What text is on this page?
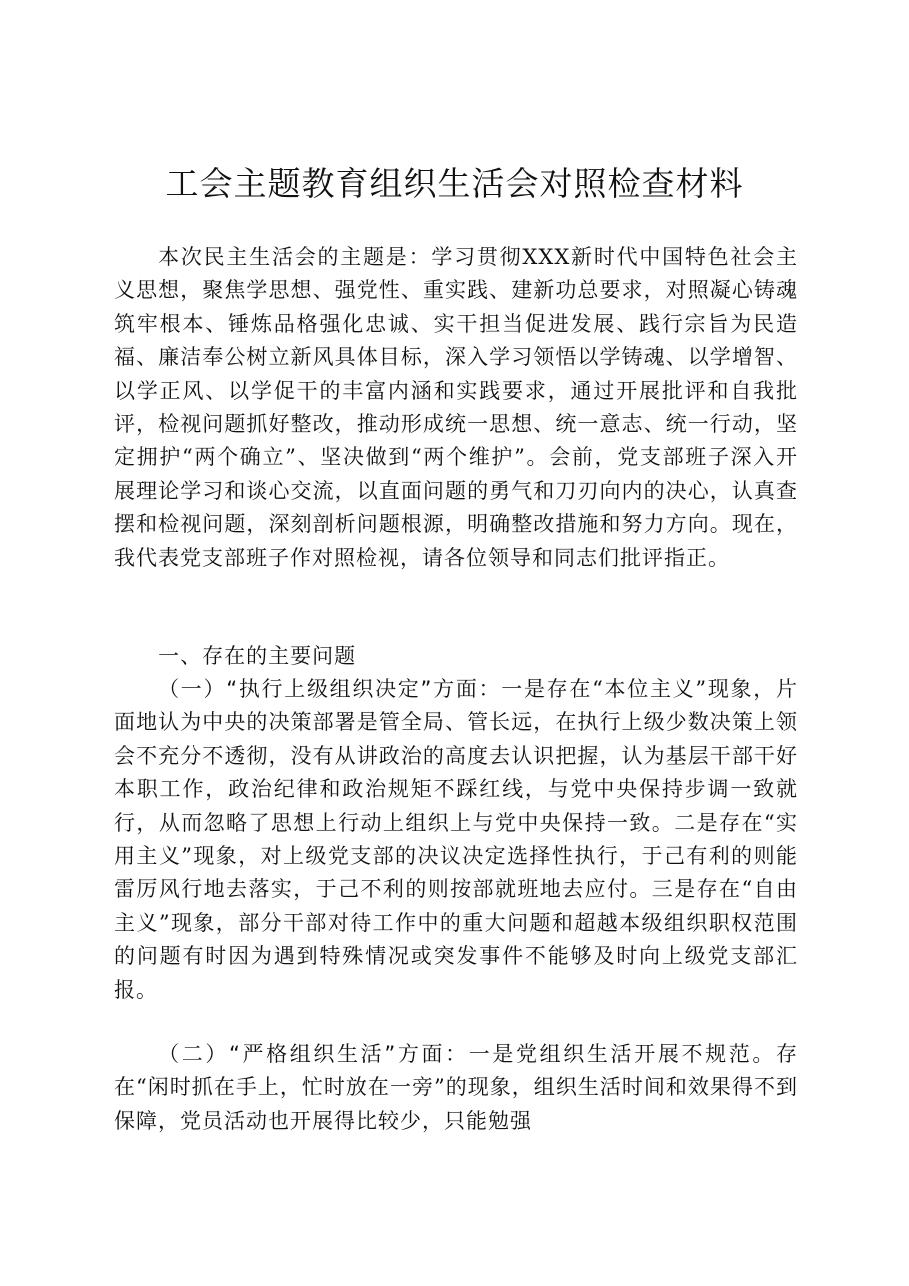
工会主题教育组织生活会对照检查材料

本次民主生活会的主题是：学习贯彻XXX新时代中国特色社会主义思想，聚焦学思想、强党性、重实践、建新功总要求，对照凝心铸魂筑牢根本、锤炼品格强化忠诚、实干担当促进发展、践行宗旨为民造福、廉洁奉公树立新风具体目标，深入学习领悟以学铸魂、以学增智、以学正风、以学促干的丰富内涵和实践要求，通过开展批评和自我批评，检视问题抓好整改，推动形成统一思想、统一意志、统一行动，坚定拥护“两个确立”、坚决做到“两个维护”。会前，党支部班子深入开展理论学习和谈心交流，以直面问题的勇气和刀刃向内的决心，认真查摆和检视问题，深刻剖析问题根源，明确整改措施和努力方向。现在，我代表党支部班子作对照检视，请各位领导和同志们批评指正。

一、存在的主要问题

（一）“执行上级组织决定”方面：一是存在“本位主义”现象，片面地认为中央的决策部署是管全局、管长远，在执行上级少数决策上领会不充分不透彻，没有从讲政治的高度去认识把握，认为基层干部干好本职工作，政治纪律和政治规矩不踩红线，与党中央保持步调一致就行，从而忽略了思想上行动上组织上与党中央保持一致。二是存在“实用主义”现象，对上级党支部的决议决定选择性执行，于己有利的则能雷厉风行地去落实，于己不利的则按部就班地去应付。三是存在“自由主义”现象，部分干部对待工作中的重大问题和超越本级组织职权范围的问题有时因为遇到特殊情况或突发事件不能够及时向上级党支部汇报。

（二）“严格组织生活”方面：一是党组织生活开展不规范。存在“闲时抓在手上，忙时放在一旁”的现象，组织生活时间和效果得不到保障，党员活动也开展得比较少，只能勉强
